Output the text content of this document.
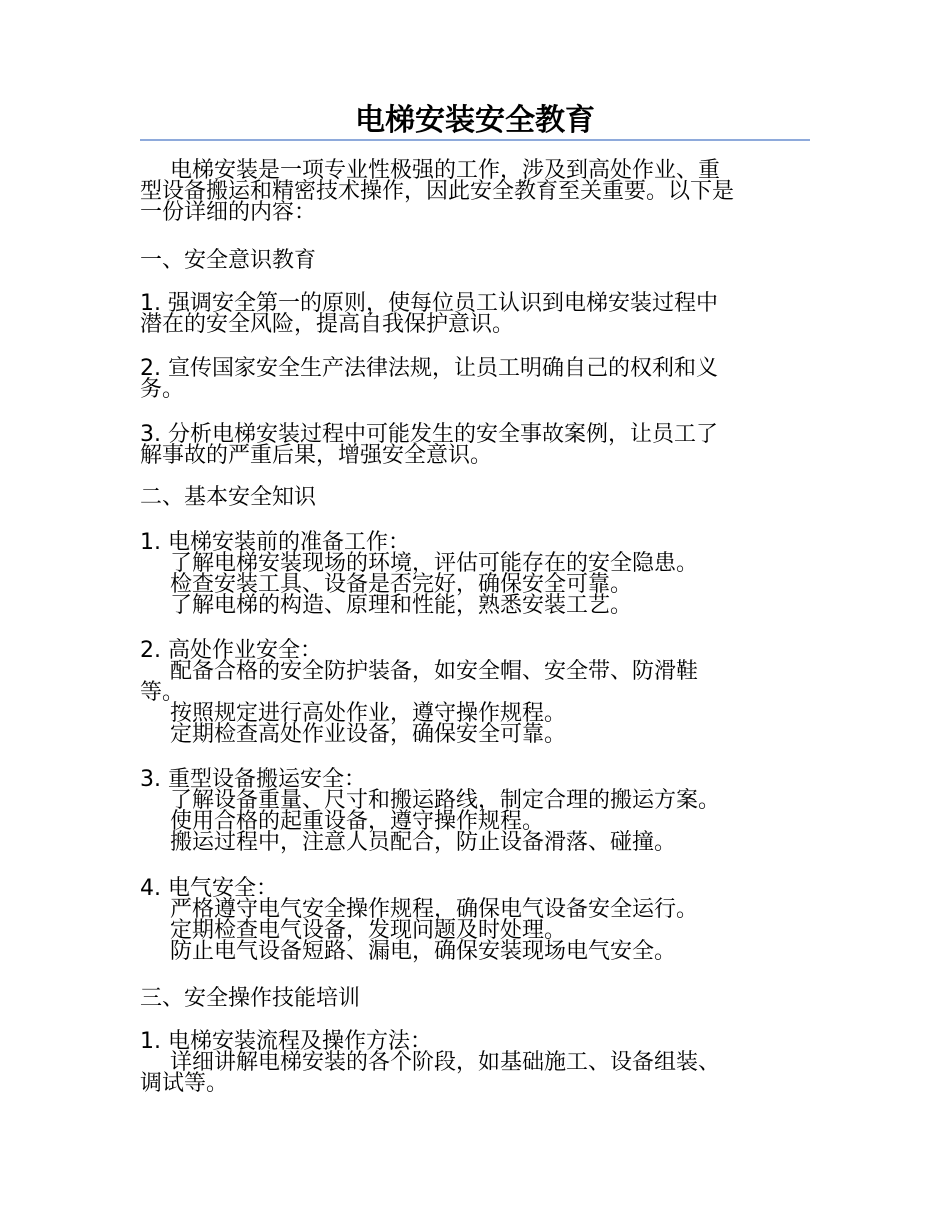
电梯安装安全教育
电梯安装是一项专业性极强的工作，涉及到高处作业、重
型设备搬运和精密技术操作，因此安全教育至关重要。以下是
一份详细的内容：
一、安全意识教育
1. 强调安全第一的原则，使每位员工认识到电梯安装过程中
潜在的安全风险，提高自我保护意识。
2. 宣传国家安全生产法律法规，让员工明确自己的权利和义
务。
3. 分析电梯安装过程中可能发生的安全事故案例，让员工了
解事故的严重后果，增强安全意识。
二、基本安全知识
1. 电梯安装前的准备工作：
了解电梯安装现场的环境，评估可能存在的安全隐患。
检查安装工具、设备是否完好，确保安全可靠。
了解电梯的构造、原理和性能，熟悉安装工艺。
2. 高处作业安全：
配备合格的安全防护装备，如安全帽、安全带、防滑鞋
等。
按照规定进行高处作业，遵守操作规程。
定期检查高处作业设备，确保安全可靠。
3. 重型设备搬运安全：
了解设备重量、尺寸和搬运路线，制定合理的搬运方案。
使用合格的起重设备，遵守操作规程。
搬运过程中，注意人员配合，防止设备滑落、碰撞。
4. 电气安全：
严格遵守电气安全操作规程，确保电气设备安全运行。
定期检查电气设备，发现问题及时处理。
防止电气设备短路、漏电，确保安装现场电气安全。
三、安全操作技能培训
1. 电梯安装流程及操作方法：
详细讲解电梯安装的各个阶段，如基础施工、设备组装、
调试等。
